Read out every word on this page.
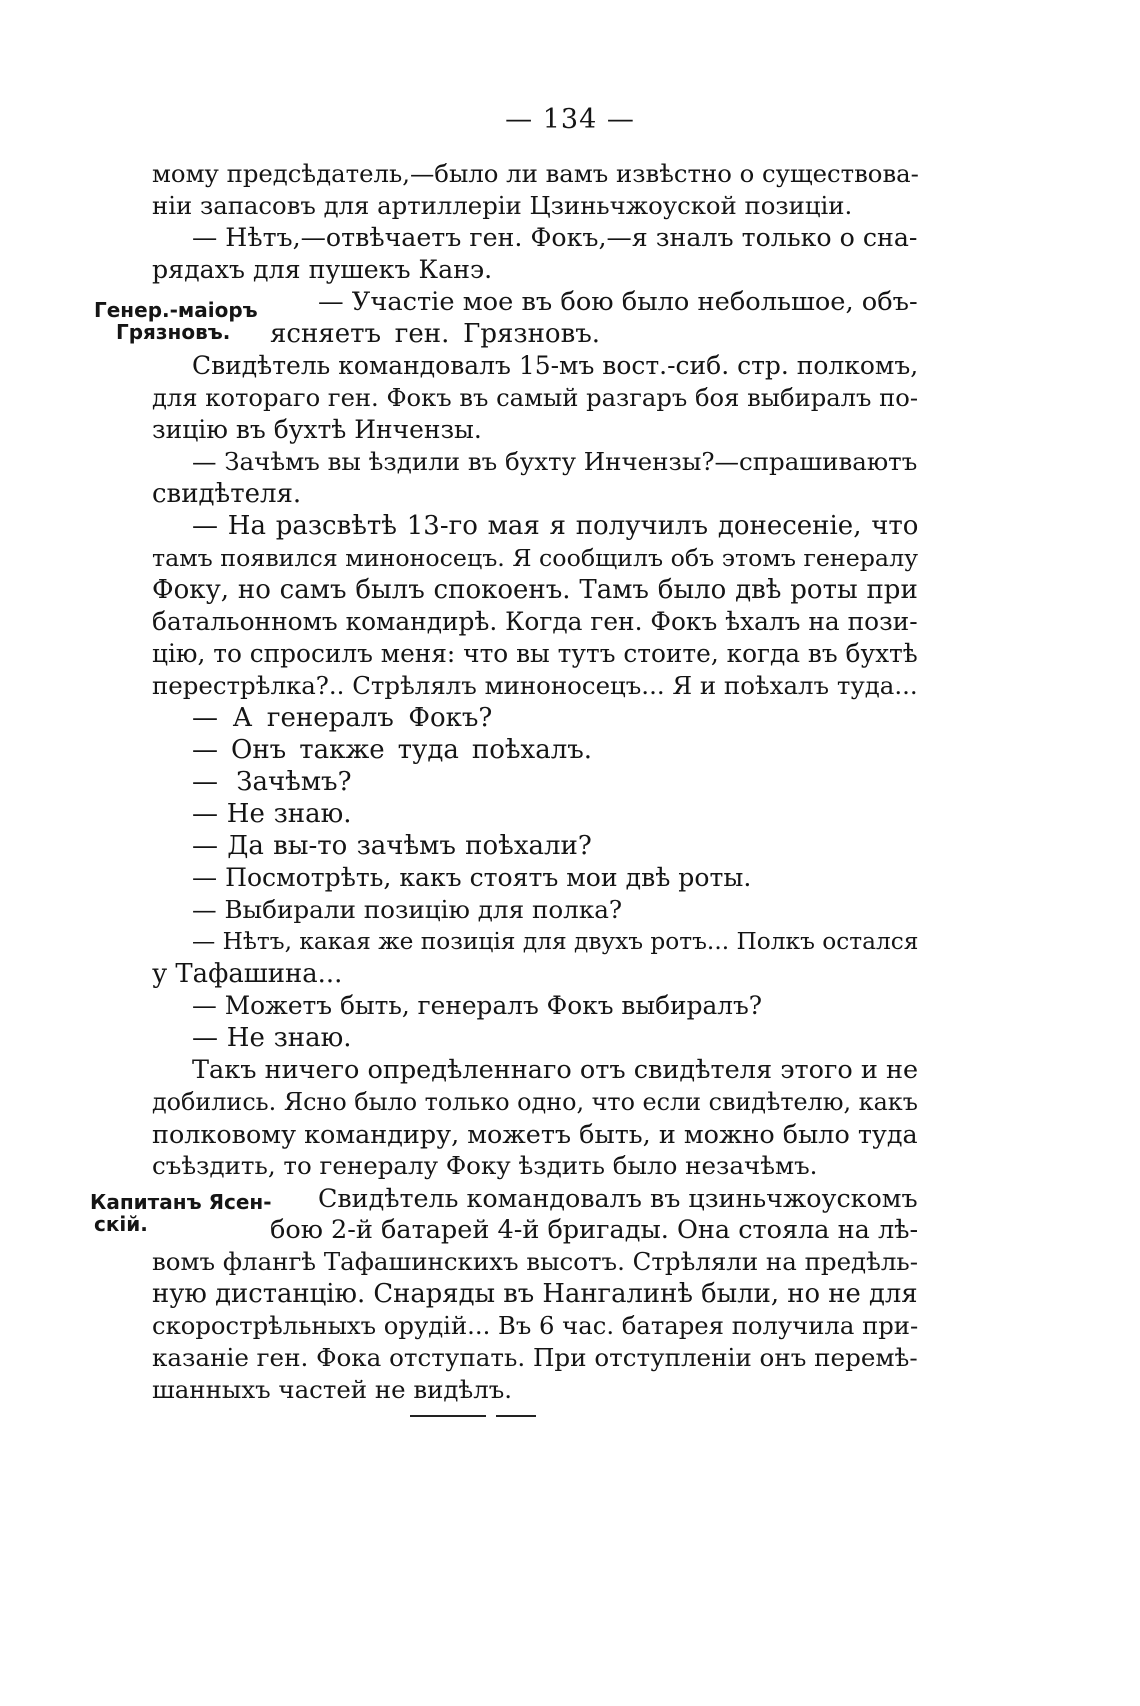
— 134 —
Генер.-маіоръ
Грязновъ.
Капитанъ Ясен-
скій.
мому предсѣдатель,—было ли вамъ извѣстно о существова-
ніи запасовъ для артиллеріи Цзиньчжоуской позиціи.
— Нѣтъ,—отвѣчаетъ ген. Фокъ,—я зналъ только о сна-
рядахъ для пушекъ Канэ.
— Участіе мое въ бою было небольшое, объ-
ясняетъ ген. Грязновъ.
Свидѣтель командовалъ 15-мъ вост.-сиб. стр. полкомъ,
для котораго ген. Фокъ въ самый разгаръ боя выбиралъ по-
зицію въ бухтѣ Инчензы.
— Зачѣмъ вы ѣздили въ бухту Инчензы?—спрашиваютъ
свидѣтеля.
— На разсвѣтѣ 13-го мая я получилъ донесеніе, что
тамъ появился миноносецъ. Я сообщилъ объ этомъ генералу
Фоку, но самъ былъ спокоенъ. Тамъ было двѣ роты при
батальонномъ командирѣ. Когда ген. Фокъ ѣхалъ на пози-
цію, то спросилъ меня: что вы тутъ стоите, когда въ бухтѣ
перестрѣлка?.. Стрѣлялъ миноносецъ... Я и поѣхалъ туда...
— А генералъ Фокъ?
— Онъ также туда поѣхалъ.
— Зачѣмъ?
— Не знаю.
— Да вы-то зачѣмъ поѣхали?
— Посмотрѣть, какъ стоятъ мои двѣ роты.
— Выбирали позицію для полка?
— Нѣтъ, какая же позиція для двухъ ротъ... Полкъ остался
у Тафашина...
— Можетъ быть, генералъ Фокъ выбиралъ?
— Не знаю.
Такъ ничего опредѣленнаго отъ свидѣтеля этого и не
добились. Ясно было только одно, что если свидѣтелю, какъ
полковому командиру, можетъ быть, и можно было туда
съѣздить, то генералу Фоку ѣздить было незачѣмъ.
Свидѣтель командовалъ въ цзиньчжоускомъ
бою 2-й батарей 4-й бригады. Она стояла на лѣ-
вомъ флангѣ Тафашинскихъ высотъ. Стрѣляли на предѣль-
ную дистанцію. Снаряды въ Нангалинѣ были, но не для
скорострѣльныхъ орудій... Въ 6 час. батарея получила при-
казаніе ген. Фока отступать. При отступленіи онъ перемѣ-
шанныхъ частей не видѣлъ.
